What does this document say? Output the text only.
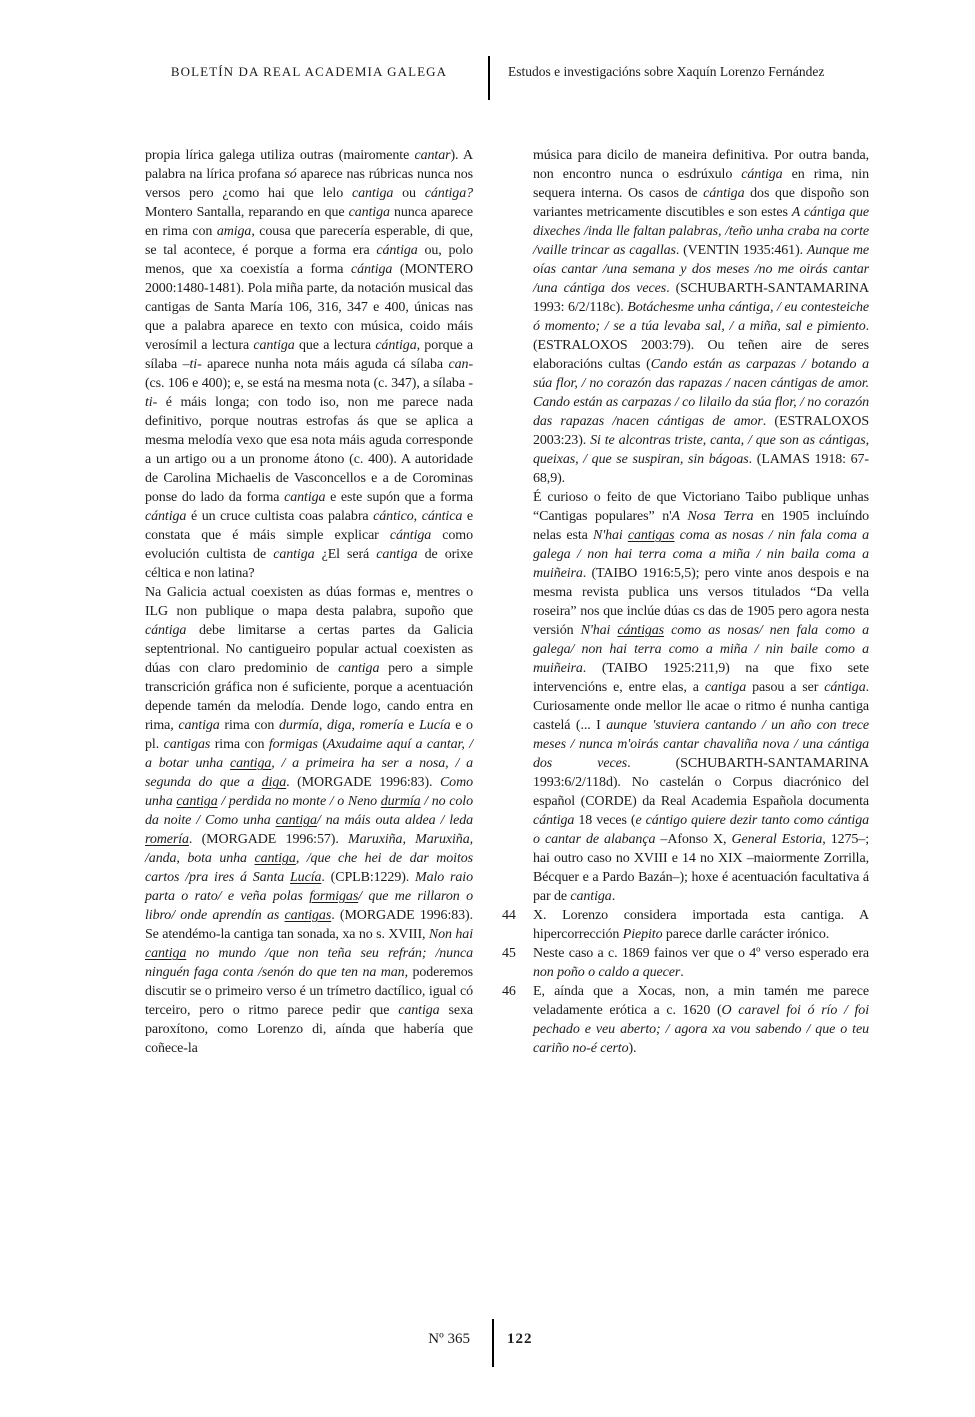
BOLETÍN DA REAL ACADEMIA GALEGA	Estudos e investigacións sobre Xaquín Lorenzo Fernández

propia lírica galega utiliza outras (mairomente cantar). A palabra na lírica profana só aparece nas rúbricas nunca nos versos pero ¿como hai que lelo cantiga ou cántiga? Montero Santalla, reparando en que cantiga nunca aparece en rima con amiga, cousa que parecería esperable, di que, se tal acontece, é porque a forma era cántiga ou, polo menos, que xa coexistía a forma cántiga (MONTERO 2000:1480-1481). Pola miña parte, da notación musical das cantigas de Santa María 106, 316, 347 e 400, únicas nas que a palabra aparece en texto con música, coido máis verosímil a lectura cantiga que a lectura cántiga, porque a sílaba –ti- aparece nunha nota máis aguda cá sílaba can- (cs. 106 e 400); e, se está na mesma nota (c. 347), a sílaba -ti- é máis longa; con todo iso, non me parece nada definitivo, porque noutras estrofas ás que se aplica a mesma melodía vexo que esa nota máis aguda corresponde a un artigo ou a un pronome átono (c. 400). A autoridade de Carolina Michaelis de Vasconcellos e a de Corominas ponse do lado da forma cantiga e este supón que a forma cántiga é un cruce cultista coas palabra cántico, cántica e constata que é máis simple explicar cántiga como evolución cultista de cantiga ¿El será cantiga de orixe céltica e non latina?

Na Galicia actual coexisten as dúas formas e, mentres o ILG non publique o mapa desta palabra, supoño que cántiga debe limitarse a certas partes da Galicia septentrional. No cantigueiro popular actual coexisten as dúas con claro predominio de cantiga pero a simple transcrición gráfica non é suficiente, porque a acentuación depende tamén da melodía. Dende logo, cando entra en rima, cantiga rima con durmía, diga, romería e Lucía e o pl. cantigas rima con formigas (Axudaime aquí a cantar, / a botar unha cantiga, / a primeira ha ser a nosa, / a segunda do que a diga. (MORGADE 1996:83). Como unha cantiga / perdida no monte / o Neno durmía / no colo da noite / Como unha cantiga/ na máis outa aldea / leda romería. (MORGADE 1996:57). Maruxiña, Maruxiña, /anda, bota unha cantiga, /que che hei de dar moitos cartos /pra ires á Santa Lucía. (CPLB:1229). Malo raio parta o rato/ e veña polas formigas/ que me rillaron o libro/ onde aprendín as cantigas. (MORGADE 1996:83). Se atendémo-la cantiga tan sonada, xa no s. XVIII, Non hai cantiga no mundo /que non teña seu refrán; /nunca ninguén faga conta /senón do que ten na man, poderemos discutir se o primeiro verso é un trímetro dactílico, igual có terceiro, pero o ritmo parece pedir que cantiga sexa paroxítono, como Lorenzo di, aínda que habería que coñece-la

música para dicilo de maneira definitiva. Por outra banda, non encontro nunca o esdrúxulo cántiga en rima, nin sequera interna. Os casos de cántiga dos que dispoño son variantes metricamente discutibles e son estes A cántiga que dixeches /inda lle faltan palabras, /teño unha craba na corte /vaille trincar as cagallas. (VENTIN 1935:461). Aunque me oías cantar /una semana y dos meses /no me oirás cantar /una cántiga dos veces. (SCHUBARTH-SANTAMARINA 1993: 6/2/118c). Botáchesme unha cántiga, / eu contesteiche ó momento; / se a túa levaba sal, / a miña, sal e pimiento. (ESTRALOXOS 2003:79). Ou teñen aire de seres elaboracións cultas (Cando están as carpazas / botando a súa flor, / no corazón das rapazas / nacen cántigas de amor. Cando están as carpazas / co lilailo da súa flor, / no corazón das rapazas /nacen cántigas de amor. (ESTRALOXOS 2003:23). Si te alcontras triste, canta, / que son as cántigas, queixas, / que se suspiran, sin bágoas. (LAMAS 1918: 67-68,9).

É curioso o feito de que Victoriano Taibo publique unhas “Cantigas populares” n'A Nosa Terra en 1905 incluíndo nelas esta N'hai cantigas coma as nosas / nin fala coma a galega / non hai terra coma a miña / nin baila coma a muiñeira. (TAIBO 1916:5,5); pero vinte anos despois e na mesma revista publica uns versos titulados “Da vella roseira” nos que inclúe dúas cs das de 1905 pero agora nesta versión N'hai cántigas como as nosas/ nen fala como a galega/ non hai terra como a miña / nin baile como a muiñeira. (TAIBO 1925:211,9) na que fixo sete intervencións e, entre elas, a cantiga pasou a ser cántiga. Curiosamente onde mellor lle acae o ritmo é nunha cantiga castelá (... I aunque 'stuviera cantando / un año con trece meses / nunca m'oirás cantar chavaliña nova / una cántiga dos veces. (SCHUBARTH-SANTAMARINA 1993:6/2/118d). No castelán o Corpus diacrónico del español (CORDE) da Real Academia Española documenta cántiga 18 veces (e cántigo quiere dezir tanto como cántiga o cantar de alabança –Afonso X, General Estoria, 1275–; hai outro caso no XVIII e 14 no XIX –maiormente Zorrilla, Bécquer e a Pardo Bazán–); hoxe é acentuación facultativa á par de cantiga.

44	X. Lorenzo considera importada esta cantiga. A hipercorrección Piepito parece darlle carácter irónico.
45	Neste caso a c. 1869 fainos ver que o 4º verso esperado era non poño o caldo a quecer.
46	E, aínda que a Xocas, non, a min tamén me parece veladamente erótica a c. 1620 (O caravel foi ó río / foi pechado e veu aberto; / agora xa vou sabendo / que o teu cariño no-é certo).
Nº 365 122
